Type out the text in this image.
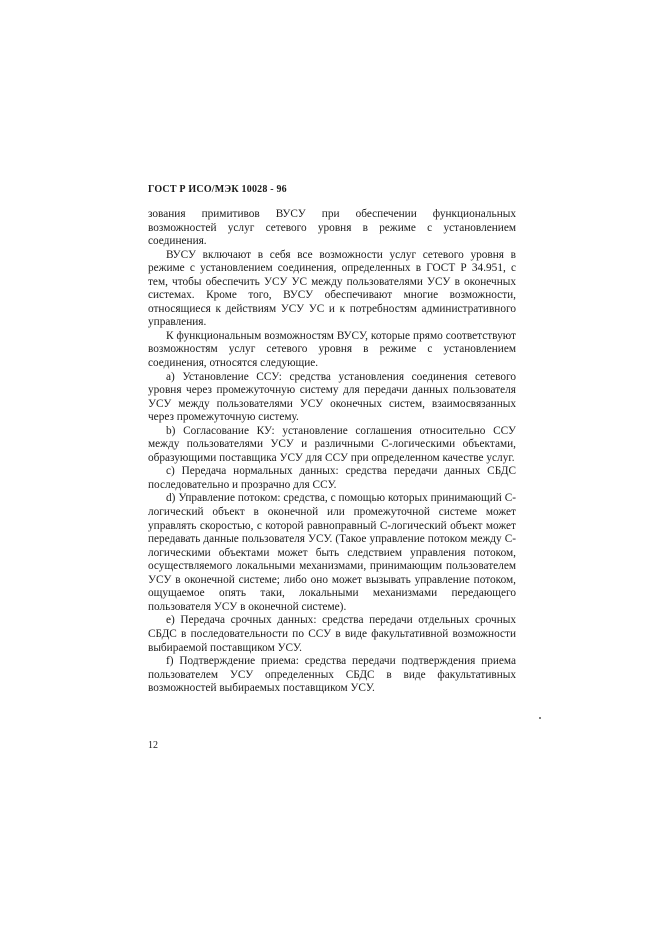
ГОСТ Р ИСО/МЭК 10028 - 96

зования примитивов ВУСУ при обеспечении функциональных возможностей услуг сетевого уровня в режиме с установлением соединения.

ВУСУ включают в себя все возможности услуг сетевого уровня в режиме с установлением соединения, определенных в ГОСТ Р 34.951, с тем, чтобы обеспечить УСУ УС между пользователями УСУ в оконечных системах. Кроме того, ВУСУ обеспечивают многие возможности, относящиеся к действиям УСУ УС и к потребностям административного управления.

К функциональным возможностям ВУСУ, которые прямо соответствуют возможностям услуг сетевого уровня в режиме с установлением соединения, относятся следующие.

а) Установление ССУ: средства установления соединения сетевого уровня через промежуточную систему для передачи данных пользователя УСУ между пользователями УСУ оконечных систем, взаимосвязанных через промежуточную систему.

b) Согласование КУ: установление соглашения относительно ССУ между пользователями УСУ и различными С-логическими объектами, образующими поставщика УСУ для ССУ при определенном качестве услуг.

с) Передача нормальных данных: средства передачи данных СБДС последовательно и прозрачно для ССУ.

d) Управление потоком: средства, с помощью которых принимающий С-логический объект в оконечной или промежуточной системе может управлять скоростью, с которой равноправный С-логический объект может передавать данные пользователя УСУ. (Такое управление потоком между С-логическими объектами может быть следствием управления потоком, осуществляемого локальными механизмами, принимающим пользователем УСУ в оконечной системе; либо оно может вызывать управление потоком, ощущаемое опять таки, локальными механизмами передающего пользователя УСУ в оконечной системе).

е) Передача срочных данных: средства передачи отдельных срочных СБДС в последовательности по ССУ в виде факультативной возможности выбираемой поставщиком УСУ.

f) Подтверждение приема: средства передачи подтверждения приема пользователем УСУ определенных СБДС в виде факультативных возможностей выбираемых поставщиком УСУ.

12
